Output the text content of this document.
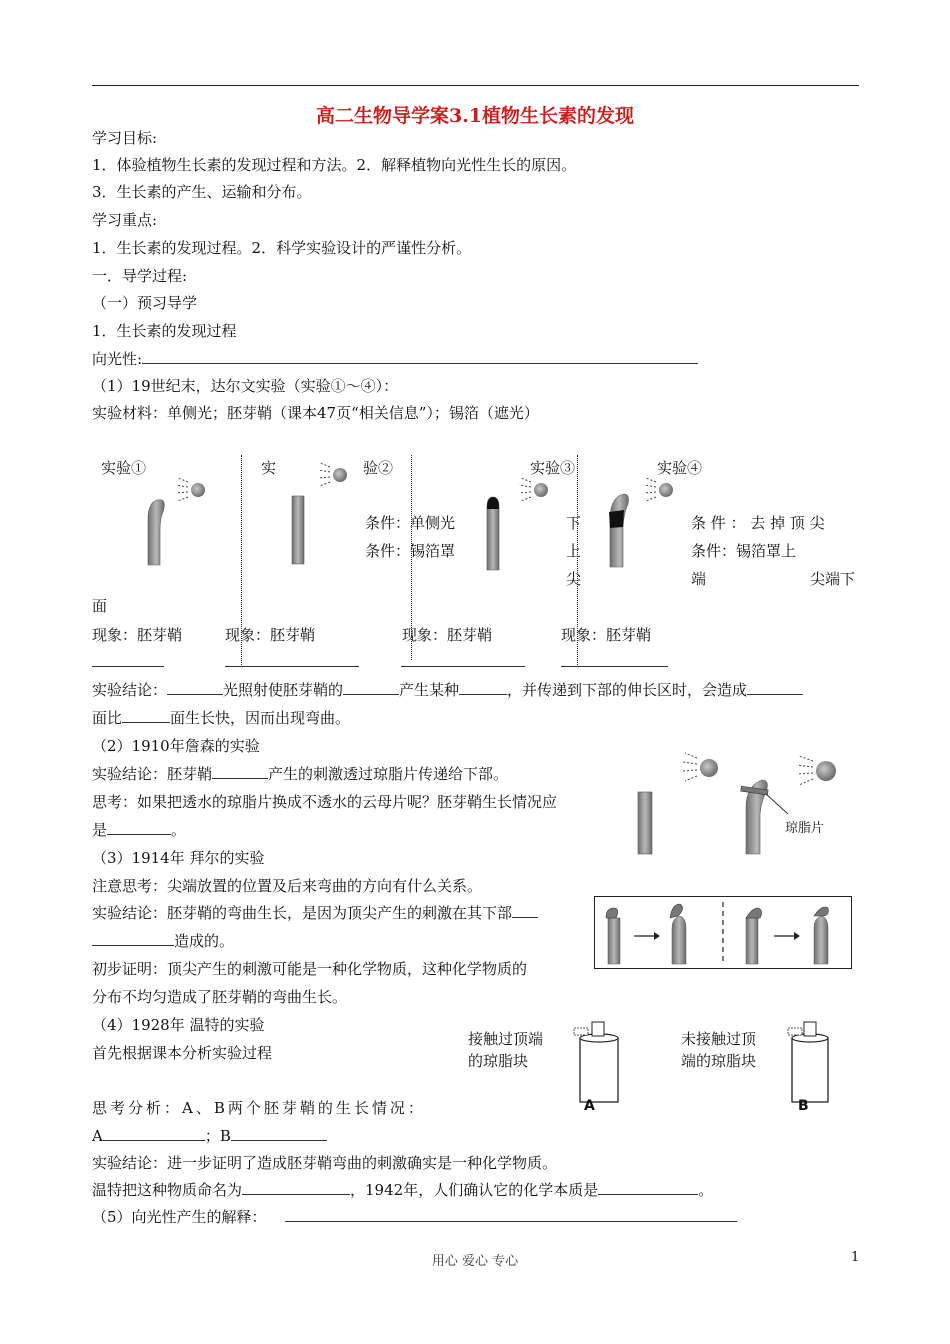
高二生物导学案3.1植物生长素的发现
学习目标:
1．体验植物生长素的发现过程和方法。2．解释植物向光性生长的原因。
3．生长素的产生、运输和分布。
学习重点:
1．生长素的发现过程。2．科学实验设计的严谨性分析。
一．导学过程:
（一）预习导学
1．生长素的发现过程
向光性:
（1）19世纪末，达尔文实验（实验①～④）：
实验材料：单侧光；胚芽鞘（课本47页“相关信息”）；锡箔（遮光）
实验①	实	验②	实验③	实验④
条件：单侧光	下
条件：锡箔罩	上
尖
条 件 ： 去 掉 顶 尖
条件：锡箔罩上
端	尖端下
面
现象：胚芽鞘	现象：胚芽鞘	现象：胚芽鞘	现象：胚芽鞘
实验结论：	光照射使胚芽鞘的	产生某种	，并传递到下部的伸长区时，会造成
面比	面生长快，因而出现弯曲。
（2）1910年詹森的实验
实验结论：胚芽鞘	产生的刺激透过琼脂片传递给下部。
思考：如果把透水的琼脂片换成不透水的云母片呢？胚芽鞘生长情况应
是	。	琼脂片
（3）1914年 拜尔的实验
注意思考：尖端放置的位置及后来弯曲的方向有什么关系。
实验结论：胚芽鞘的弯曲生长，是因为顶尖产生的刺激在其下部
造成的。
初步证明：顶尖产生的刺激可能是一种化学物质，这种化学物质的
分布不均匀造成了胚芽鞘的弯曲生长。
（4）1928年 温特的实验
首先根据课本分析实验过程
接触过顶端
的琼脂块
未接触过顶
端的琼脂块
A	B
思考分析：A、B两个胚芽鞘的生长情况：
A	；B
实验结论：进一步证明了造成胚芽鞘弯曲的刺激确实是一种化学物质。
温特把这种物质命名为	，1942年，人们确认它的化学本质是	。
（5）向光性产生的解释：
用心 爱心 专心	1
